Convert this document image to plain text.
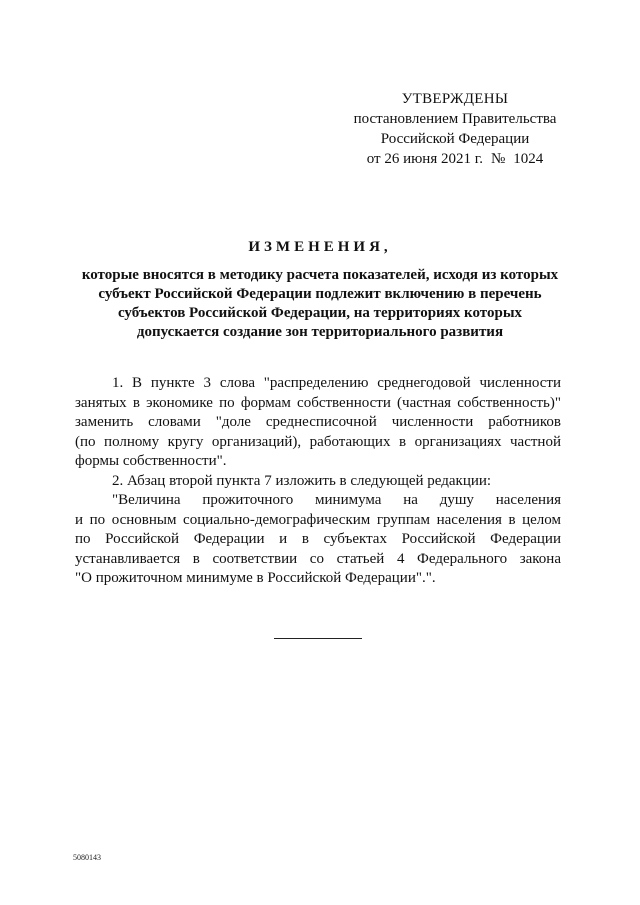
УТВЕРЖДЕНЫ
постановлением Правительства
Российской Федерации
от 26 июня 2021 г. № 1024
ИЗМЕНЕНИЯ,
которые вносятся в методику расчета показателей, исходя из которых
субъект Российской Федерации подлежит включению в перечень
субъектов Российской Федерации, на территориях которых
допускается создание зон территориального развития
1. В пункте 3 слова "распределению среднегодовой численности
занятых в экономике по формам собственности (частная собственность)"
заменить словами "доле среднесписочной численности работников
(по полному кругу организаций), работающих в организациях частной
формы собственности".
2. Абзац второй пункта 7 изложить в следующей редакции:
"Величина прожиточного минимума на душу населения
и по основным социально-демографическим группам населения в целом
по Российской Федерации и в субъектах Российской Федерации
устанавливается в соответствии со статьей 4 Федерального закона
"О прожиточном минимуме в Российской Федерации".".
5080143
